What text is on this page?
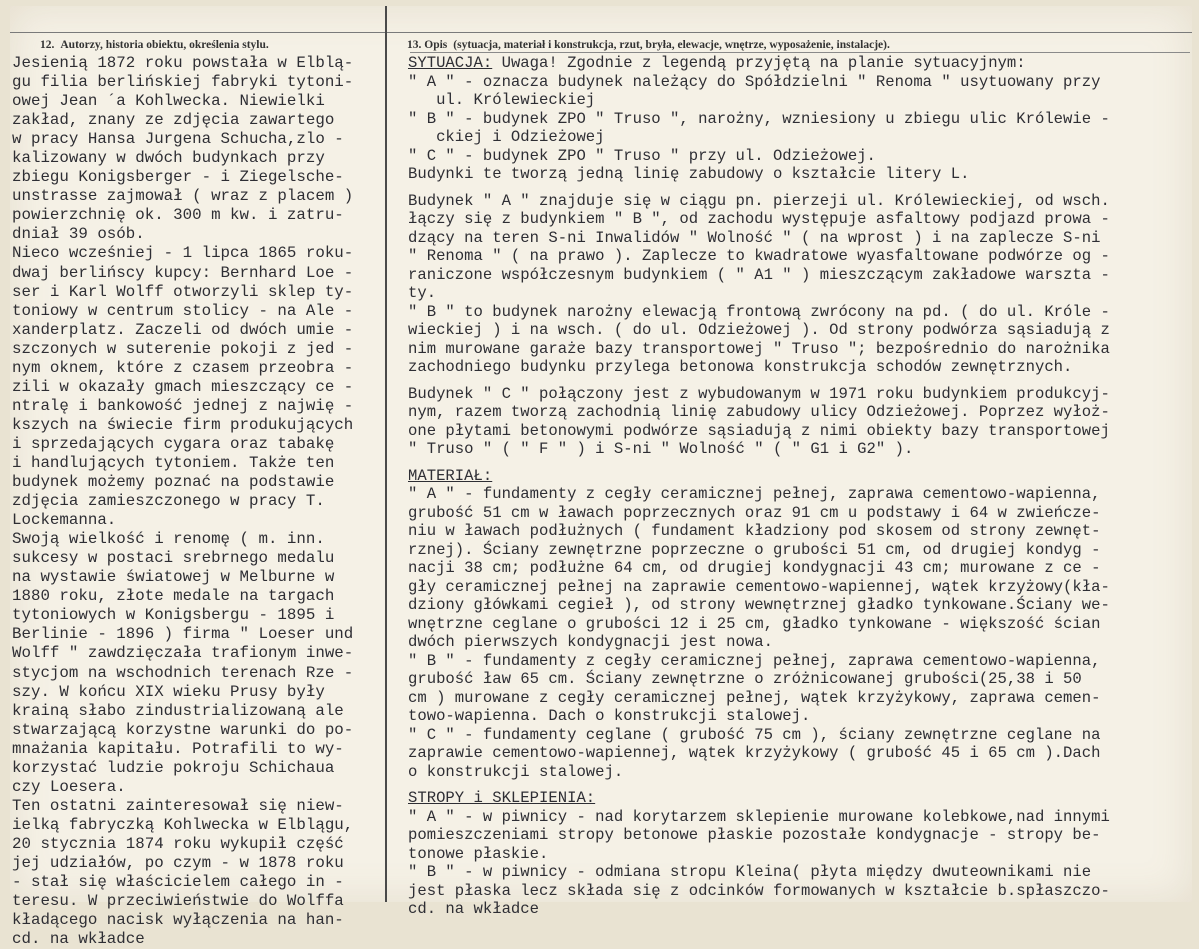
12. Autorzy, historia obiektu, określenia stylu.	13. Opis (sytuacja, materiał i konstrukcja, rzut, bryła, elewacje, wnętrze, wyposażenie, instalacje).
Jesienią 1872 roku powstała w Elblą-
gu filia berlińskiej fabryki tytoni-
owej Jean ´a Kohlwecka. Niewielki
zakład, znany ze zdjęcia zawartego
w pracy Hansa Jurgena Schucha,zlo -
kalizowany w dwóch budynkach przy
zbiegu Konigsberger - i Ziegelsche-
unstrasse zajmował ( wraz z placem )
powierzchnię ok. 300 m kw. i zatru-
dniał 39 osób.
Nieco wcześniej - 1 lipca 1865 roku-
dwaj berlińscy kupcy: Bernhard Loe -
ser i Karl Wolff otworzyli sklep ty-
toniowy w centrum stolicy - na Ale -
xanderplatz. Zaczeli od dwóch umie -
szczonych w suterenie pokoji z jed -
nym oknem, które z czasem przeobra -
zili w okazały gmach mieszczący ce -
ntralę i bankowość jednej z najwię -
kszych na świecie firm produkujących
i sprzedających cygara oraz tabakę
i handlujących tytoniem. Także ten
budynek możemy poznać na podstawie
zdjęcia zamieszczonego w pracy T.
Lockemanna.
Swoją wielkość i renomę ( m. inn.
sukcesy w postaci srebrnego medalu
na wystawie światowej w Melburne w
1880 roku, złote medale na targach
tytoniowych w Konigsbergu - 1895 i
Berlinie - 1896 ) firma " Loeser und
Wolff " zawdzięczała trafionym inwe-
stycjom na wschodnich terenach Rze -
szy. W końcu XIX wieku Prusy były
krainą słabo zindustrializowaną ale
stwarzającą korzystne warunki do po-
mnażania kapitału. Potrafili to wy-
korzystać ludzie pokroju Schichaua
czy Loesera.
Ten ostatni zainteresował się niew-
ielką fabryczką Kohlwecka w Elblągu,
20 stycznia 1874 roku wykupił część
jej udziałów, po czym - w 1878 roku
- stał się właścicielem całego in -
teresu. W przeciwieństwie do Wolffa
kładącego nacisk wyłączenia na han-
cd. na wkładce
SYTUACJA: Uwaga! Zgodnie z legendą przyjętą na planie sytuacyjnym:
" A " - oznacza budynek należący do Spółdzielni " Renoma " usytuowany przy
ul. Królewieckiej
" B " - budynek ZPO " Truso ", narożny, wzniesiony u zbiegu ulic Królewie -
ckiej i Odzieżowej
" C " - budynek ZPO " Truso " przy ul. Odzieżowej.
Budynki te tworzą jedną linię zabudowy o kształcie litery L.
Budynek " A " znajduje się w ciągu pn. pierzeji ul. Królewieckiej, od wsch.
łączy się z budynkiem " B ", od zachodu występuje asfaltowy podjazd prowa -
dzący na teren S-ni Inwalidów " Wolność " ( na wprost ) i na zaplecze S-ni
" Renoma " ( na prawo ). Zaplecze to kwadratowe wyasfaltowane podwórze og -
raniczone współczesnym budynkiem ( " A1 " ) mieszczącym zakładowe warszta -
ty.
" B " to budynek narożny elewacją frontową zwrócony na pd. ( do ul. Króle -
wieckiej ) i na wsch. ( do ul. Odzieżowej ). Od strony podwórza sąsiadują z
nim murowane garaże bazy transportowej " Truso "; bezpośrednio do narożnika
zachodniego budynku przylega betonowa konstrukcja schodów zewnętrznych.
Budynek " C " połączony jest z wybudowanym w 1971 roku budynkiem produkcyj-
nym, razem tworzą zachodnią linię zabudowy ulicy Odzieżowej. Poprzez wyłoż-
one płytami betonowymi podwórze sąsiadują z nimi obiekty bazy transportowej
" Truso " ( " F " ) i S-ni " Wolność " ( " G1 i G2" ).
MATERIAŁ:
" A " - fundamenty z cegły ceramicznej pełnej, zaprawa cementowo-wapienna,
grubość 51 cm w ławach poprzecznych oraz 91 cm u podstawy i 64 w zwieńcze-
niu w ławach podłużnych ( fundament kładziony pod skosem od strony zewnęt-
rznej). Ściany zewnętrzne poprzeczne o grubości 51 cm, od drugiej kondyg -
nacji 38 cm; podłużne 64 cm, od drugiej kondygnacji 43 cm; murowane z ce -
gły ceramicznej pełnej na zaprawie cementowo-wapiennej, wątek krzyżowy(kła-
dziony główkami cegieł ), od strony wewnętrznej gładko tynkowane.Ściany we-
wnętrzne ceglane o grubości 12 i 25 cm, gładko tynkowane - większość ścian
dwóch pierwszych kondygnacji jest nowa.
" B " - fundamenty z cegły ceramicznej pełnej, zaprawa cementowo-wapienna,
grubość ław 65 cm. Ściany zewnętrzne o zróżnicowanej grubości(25,38 i 50
cm ) murowane z cegły ceramicznej pełnej, wątek krzyżykowy, zaprawa cemen-
towo-wapienna. Dach o konstrukcji stalowej.
" C " - fundamenty ceglane ( grubość 75 cm ), ściany zewnętrzne ceglane na
zaprawie cementowo-wapiennej, wątek krzyżykowy ( grubość 45 i 65 cm ).Dach
o konstrukcji stalowej.
STROPY i SKLEPIENIA:
" A " - w piwnicy - nad korytarzem sklepienie murowane kolebkowe,nad innymi
pomieszczeniami stropy betonowe płaskie pozostałe kondygnacje - stropy be-
tonowe płaskie.
" B " - w piwnicy - odmiana stropu Kleina( płyta między dwuteownikami nie
jest płaska lecz składa się z odcinków formowanych w kształcie b.spłaszczo-
cd. na wkładce
